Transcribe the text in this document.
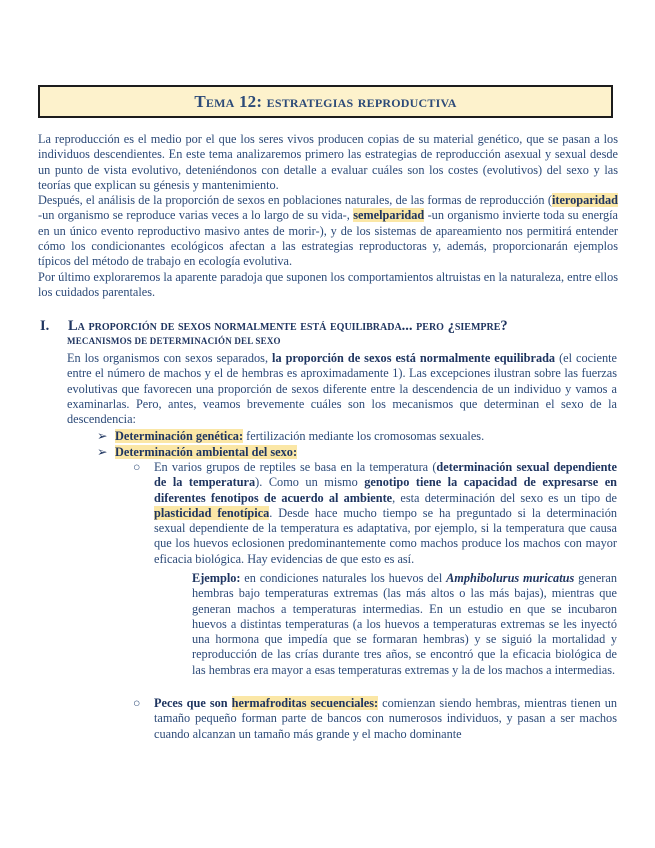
Tema 12: estrategias reproductiva

La reproducción es el medio por el que los seres vivos producen copias de su material genético, que se pasan a los individuos descendientes. En este tema analizaremos primero las estrategias de reproducción asexual y sexual desde un punto de vista evolutivo, deteniéndonos con detalle a evaluar cuáles son los costes (evolutivos) del sexo y las teorías que explican su génesis y mantenimiento.

Después, el análisis de la proporción de sexos en poblaciones naturales, de las formas de reproducción (iteroparidad -un organismo se reproduce varias veces a lo largo de su vida-, semelparidad -un organismo invierte toda su energía en un único evento reproductivo masivo antes de morir-), y de los sistemas de apareamiento nos permitirá entender cómo los condicionantes ecológicos afectan a las estrategias reproductoras y, además, proporcionarán ejemplos típicos del método de trabajo en ecología evolutiva.

Por último exploraremos la aparente paradoja que suponen los comportamientos altruistas en la naturaleza, entre ellos los cuidados parentales.

I. La proporción de sexos normalmente está equilibrada... pero ¿siempre?
MECANISMOS DE DETERMINACIÓN DEL SEXO

En los organismos con sexos separados, la proporción de sexos está normalmente equilibrada (el cociente entre el número de machos y el de hembras es aproximadamente 1). Las excepciones ilustran sobre las fuerzas evolutivas que favorecen una proporción de sexos diferente entre la descendencia de un individuo y vamos a examinarlas. Pero, antes, veamos brevemente cuáles son los mecanismos que determinan el sexo de la descendencia:

➢ Determinación genética: fertilización mediante los cromosomas sexuales.
➢ Determinación ambiental del sexo:
○ En varios grupos de reptiles se basa en la temperatura (determinación sexual dependiente de la temperatura). Como un mismo genotipo tiene la capacidad de expresarse en diferentes fenotipos de acuerdo al ambiente, esta determinación del sexo es un tipo de plasticidad fenotípica. Desde hace mucho tiempo se ha preguntado si la determinación sexual dependiente de la temperatura es adaptativa, por ejemplo, si la temperatura que causa que los huevos eclosionen predominantemente como machos produce los machos con mayor eficacia biológica. Hay evidencias de que esto es así.
Ejemplo: en condiciones naturales los huevos del Amphibolurus muricatus generan hembras bajo temperaturas extremas (las más altos o las más bajas), mientras que generan machos a temperaturas intermedias. En un estudio en que se incubaron huevos a distintas temperaturas (a los huevos a temperaturas extremas se les inyectó una hormona que impedía que se formaran hembras) y se siguió la mortalidad y reproducción de las crías durante tres años, se encontró que la eficacia biológica de las hembras era mayor a esas temperaturas extremas y la de los machos a intermedias.
○ Peces que son hermafroditas secuenciales: comienzan siendo hembras, mientras tienen un tamaño pequeño forman parte de bancos con numerosos individuos, y pasan a ser machos cuando alcanzan un tamaño más grande y el macho dominante
